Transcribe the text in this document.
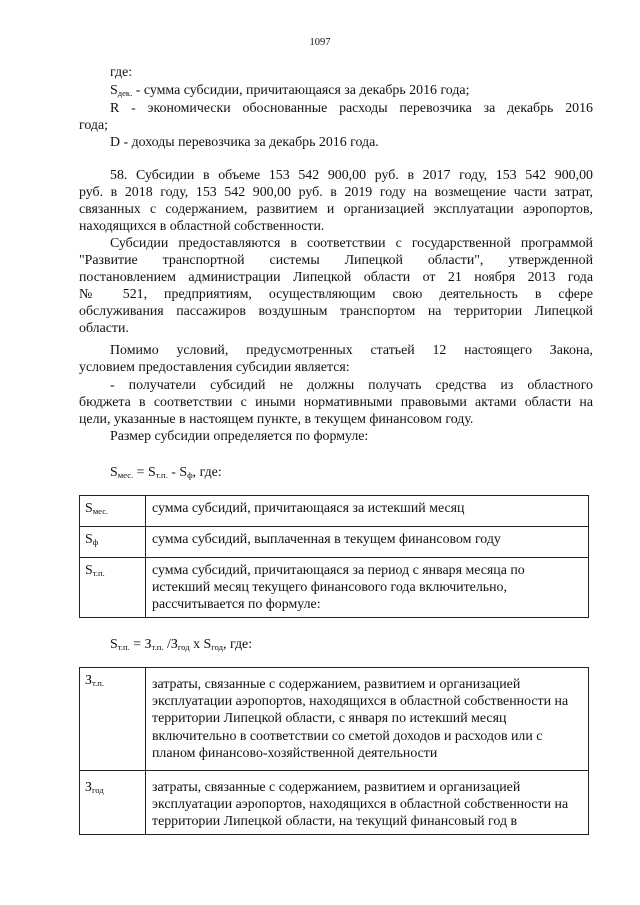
1097
где:
$S_{дек.}$ - сумма субсидии, причитающаяся за декабрь 2016 года;
R - экономически обоснованные расходы перевозчика за декабрь 2016
года;
D - доходы перевозчика за декабрь 2016 года.
58. Субсидии в объеме 153 542 900,00 руб. в 2017 году, 153 542 900,00
руб. в 2018 году, 153 542 900,00 руб. в 2019 году на возмещение части затрат,
связанных с содержанием, развитием и организацией эксплуатации аэропортов,
находящихся в областной собственности.
Субсидии предоставляются в соответствии с государственной программой
"Развитие транспортной системы Липецкой области", утвержденной
постановлением администрации Липецкой области от 21 ноября 2013 года
№ 521, предприятиям, осуществляющим свою деятельность в сфере
обслуживания пассажиров воздушным транспортом на территории Липецкой
области.
Помимо условий, предусмотренных статьей 12 настоящего Закона,
условием предоставления субсидии является:
- получатели субсидий не должны получать средства из областного
бюджета в соответствии с иными нормативными правовыми актами области на
цели, указанные в настоящем пункте, в текущем финансовом году.
Размер субсидии определяется по формуле:
$S_{мес.} = S_{т.п.} - S_ф$, где:
$S_{мес.}$	сумма субсидий, причитающаяся за истекший месяц
$S_ф$	сумма субсидий, выплаченная в текущем финансовом году
$S_{т.п.}$	сумма субсидий, причитающаяся за период с января месяца по истекший месяц текущего финансового года включительно, рассчитывается по формуле:
$S_{т.п.} = З_{т.п.}$ $/З_{год}$ х $S_{год}$, где:
$З_{т.п.}$	затраты, связанные с содержанием, развитием и организацией эксплуатации аэропортов, находящихся в областной собственности на территории Липецкой области, с января по истекший месяц включительно в соответствии со сметой доходов и расходов или с планом финансово-хозяйственной деятельности
$З_{год}$	затраты, связанные с содержанием, развитием и организацией эксплуатации аэропортов, находящихся в областной собственности на территории Липецкой области, на текущий финансовый год в
